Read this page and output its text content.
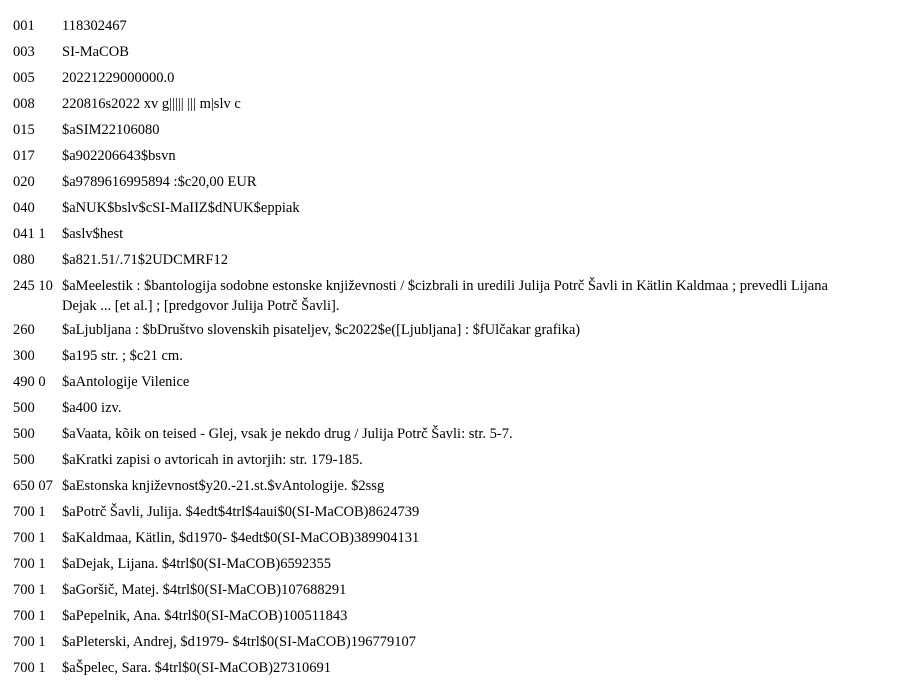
001	118302467
003	SI-MaCOB
005	20221229000000.0
008	220816s2022 xv g||||| ||| m|slv c
015	$aSIM22106080
017	$a902206643$bsvn
020	$a9789616995894 :$c20,00 EUR
040	$aNUK$bslv$cSI-MaIIZ$dNUK$eppiak
041 1	$aslv$hest
080	$a821.51/.71$2UDCMRF12
245 10 $aMeelestik : $bantologija sodobne estonske književnosti / $cizbrali in uredili Julija Potrč Šavli in Kätlin Kaldmaa ; prevedli Lijana Dejak ... [et al.] ; [predgovor Julija Potrč Šavli].
260	$aLjubljana : $bDruštvo slovenskih pisateljev, $c2022$e([Ljubljana] : $fUlčakar grafika)
300	$a195 str. ; $c21 cm.
490 0	$aAntologije Vilenice
500	$a400 izv.
500	$aVaata, kõik on teised - Glej, vsak je nekdo drug / Julija Potrč Šavli: str. 5-7.
500	$aKratki zapisi o avtoricah in avtorjih: str. 179-185.
650 07 $aEstonska književnost$y20.-21.st.$vAntologije. $2ssg
700 1	$aPotrč Šavli, Julija. $4edt$4trl$4aui$0(SI-MaCOB)8624739
700 1	$aKaldmaa, Kätlin, $d1970- $4edt$0(SI-MaCOB)389904131
700 1	$aDejak, Lijana. $4trl$0(SI-MaCOB)6592355
700 1	$aGoršič, Matej. $4trl$0(SI-MaCOB)107688291
700 1	$aPepelnik, Ana. $4trl$0(SI-MaCOB)100511843
700 1	$aPleterski, Andrej, $d1979- $4trl$0(SI-MaCOB)196779107
700 1	$aŠpelec, Sara. $4trl$0(SI-MaCOB)27310691
